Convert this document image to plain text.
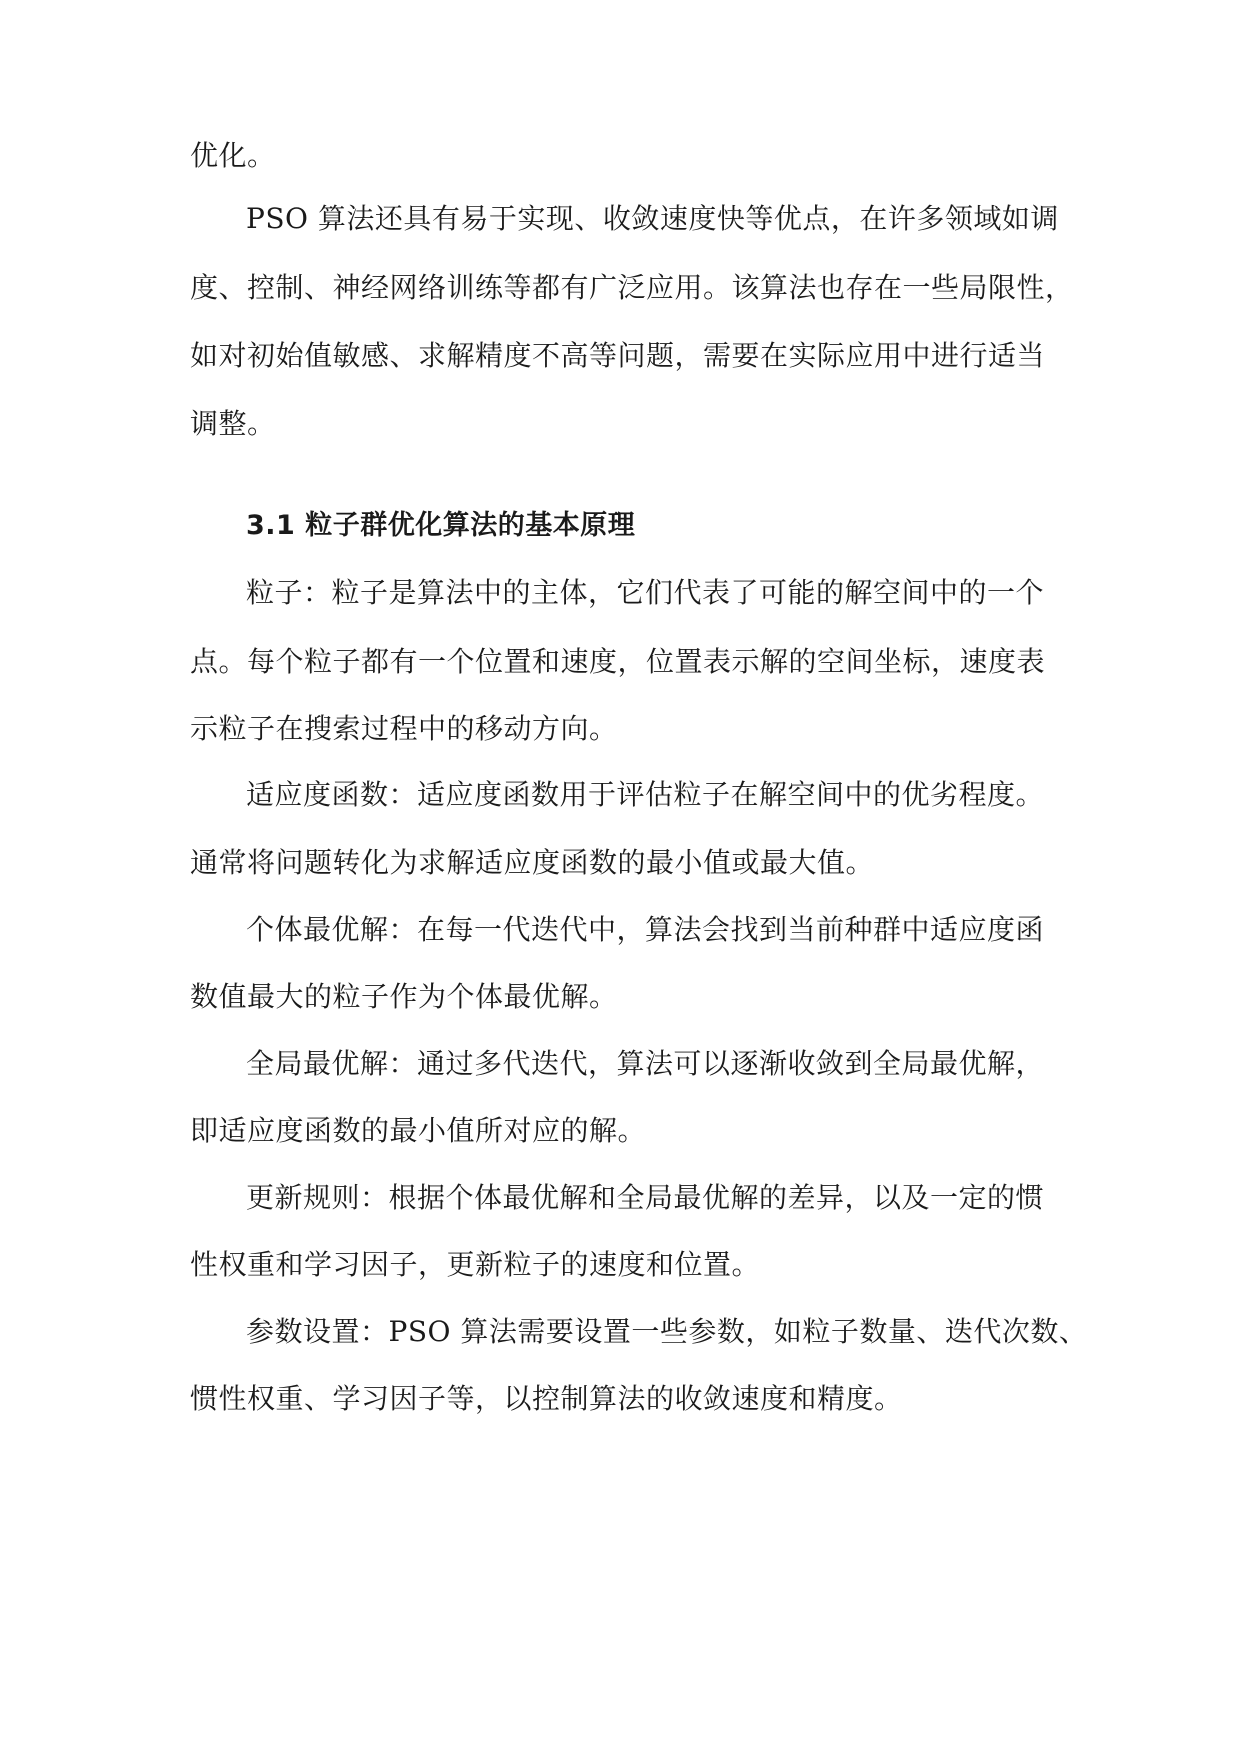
优化。
PSO 算法还具有易于实现、收敛速度快等优点，在许多领域如调
度、控制、神经网络训练等都有广泛应用。该算法也存在一些局限性，
如对初始值敏感、求解精度不高等问题，需要在实际应用中进行适当
调整。
3.1 粒子群优化算法的基本原理
粒子：粒子是算法中的主体，它们代表了可能的解空间中的一个
点。每个粒子都有一个位置和速度，位置表示解的空间坐标，速度表
示粒子在搜索过程中的移动方向。
适应度函数：适应度函数用于评估粒子在解空间中的优劣程度。
通常将问题转化为求解适应度函数的最小值或最大值。
个体最优解：在每一代迭代中，算法会找到当前种群中适应度函
数值最大的粒子作为个体最优解。
全局最优解：通过多代迭代，算法可以逐渐收敛到全局最优解，
即适应度函数的最小值所对应的解。
更新规则：根据个体最优解和全局最优解的差异，以及一定的惯
性权重和学习因子，更新粒子的速度和位置。
参数设置：PSO 算法需要设置一些参数，如粒子数量、迭代次数、
惯性权重、学习因子等，以控制算法的收敛速度和精度。
